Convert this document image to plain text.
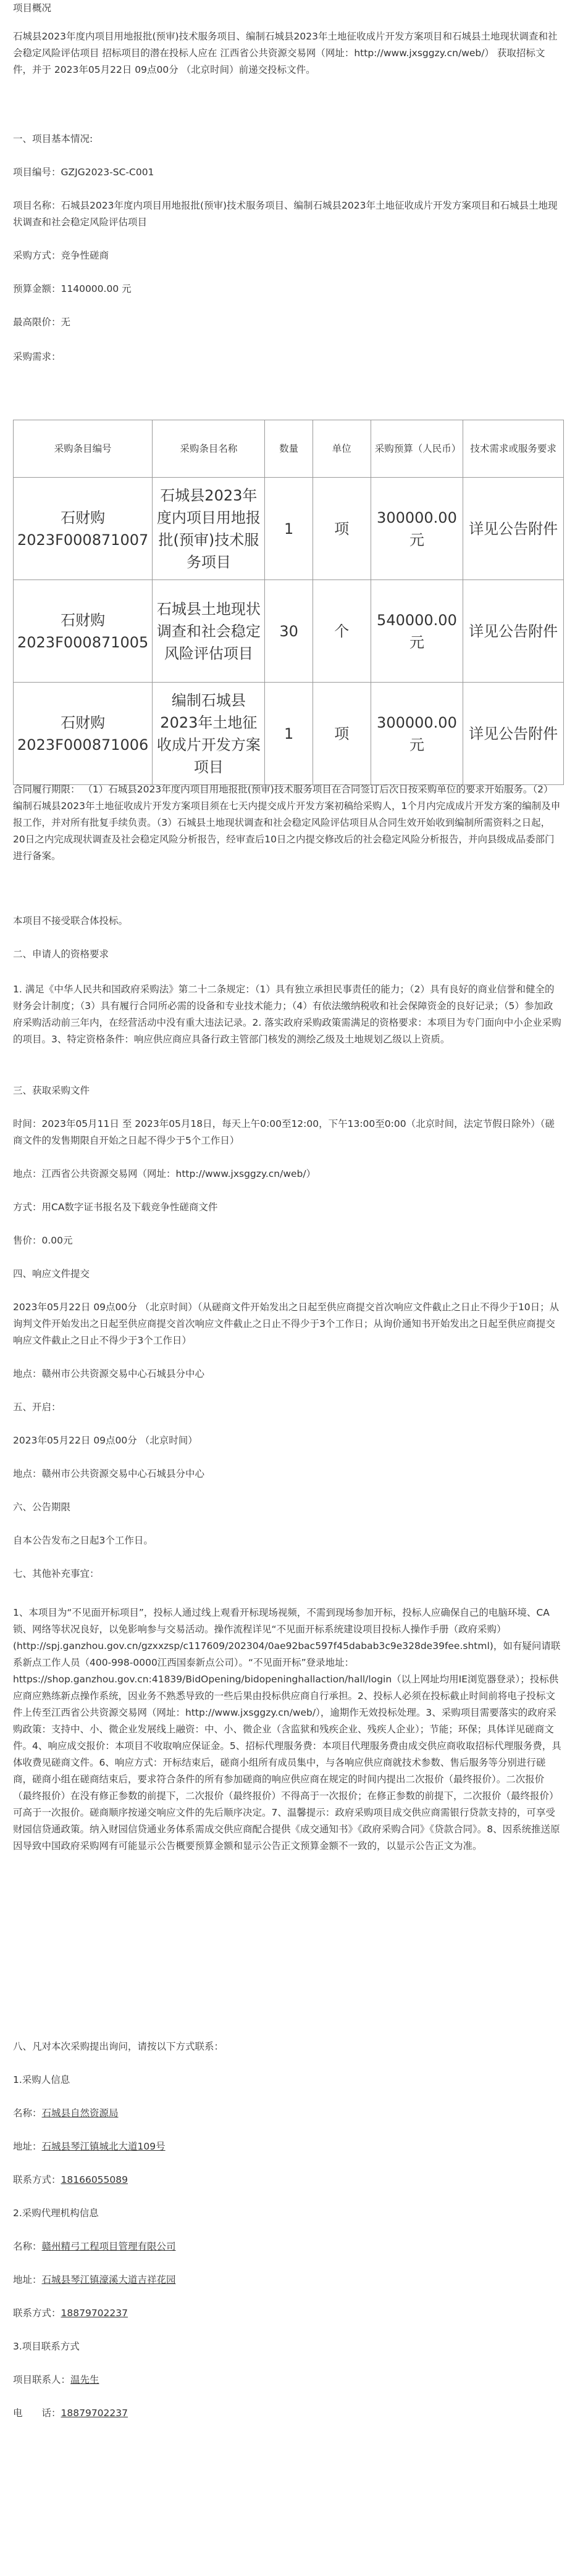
项目概况

石城县2023年度内项目用地报批(预审)技术服务项目、编制石城县2023年土地征收成片开发方案项目和石城县土地现状调查和社会稳定风险评估项目 招标项目的潜在投标人应在 江西省公共资源交易网（网址：http://www.jxsggzy.cn/web/） 获取招标文件，并于 2023年05月22日 09点00分 （北京时间）前递交投标文件。

一、项目基本情况:

项目编号：GZJG2023-SC-C001

项目名称：石城县2023年度内项目用地报批(预审)技术服务项目、编制石城县2023年土地征收成片开发方案项目和石城县土地现状调查和社会稳定风险评估项目

采购方式：竞争性磋商

预算金额：1140000.00 元

最高限价：无

采购需求：

采购条目编号	采购条目名称	数量	单位	采购预算（人民币）	技术需求或服务要求
石财购2023F000871007	石城县2023年度内项目用地报批(预审)技术服务项目	1	项	300000.00元	详见公告附件
石财购2023F000871005	石城县土地现状调查和社会稳定风险评估项目	30	个	540000.00元	详见公告附件
石财购2023F000871006	编制石城县2023年土地征收成片开发方案项目	1	项	300000.00元	详见公告附件

合同履行期限： （1）石城县2023年度内项目用地报批(预审)技术服务项目在合同签订后次日按采购单位的要求开始服务。（2）编制石城县2023年土地征收成片开发方案项目须在七天内提交成片开发方案初稿给采购人，1个月内完成成片开发方案的编制及申报工作，并对所有批复手续负责。（3）石城县土地现状调查和社会稳定风险评估项目从合同生效开始收到编制所需资料之日起，20日之内完成现状调查及社会稳定风险分析报告，经审查后10日之内提交修改后的社会稳定风险分析报告，并向县级成品委部门进行备案。

本项目不接受联合体投标。

二、申请人的资格要求

1. 满足《中华人民共和国政府采购法》第二十二条规定：（1）具有独立承担民事责任的能力；（2）具有良好的商业信誉和健全的财务会计制度；（3）具有履行合同所必需的设备和专业技术能力；（4）有依法缴纳税收和社会保障资金的良好记录；（5）参加政府采购活动前三年内，在经营活动中没有重大违法记录。2. 落实政府采购政策需满足的资格要求：本项目为专门面向中小企业采购的项目。3、特定资格条件：响应供应商应具备行政主管部门核发的测绘乙级及土地规划乙级以上资质。

三、获取采购文件

时间：2023年05月11日 至 2023年05月18日，每天上午0:00至12:00，下午13:00至0:00（北京时间，法定节假日除外）（磋商文件的发售期限自开始之日起不得少于5个工作日）

地点：江西省公共资源交易网（网址：http://www.jxsggzy.cn/web/）

方式：用CA数字证书报名及下载竞争性磋商文件

售价：0.00元

四、响应文件提交

2023年05月22日 09点00分 （北京时间）（从磋商文件开始发出之日起至供应商提交首次响应文件截止之日止不得少于10日；从询判文件开始发出之日起至供应商提交首次响应文件截止之日止不得少于3个工作日；从询价通知书开始发出之日起至供应商提交响应文件截止之日止不得少于3个工作日）

地点：赣州市公共资源交易中心石城县分中心

五、开启：

2023年05月22日 09点00分 （北京时间）

地点：赣州市公共资源交易中心石城县分中心

六、公告期限

自本公告发布之日起3个工作日。

七、其他补充事宜：

1、本项目为“不见面开标项目”，投标人通过线上观看开标现场视频，不需到现场参加开标，投标人应确保自己的电脑环境、CA锁、网络等状况良好，以免影响参与交易活动。操作流程详见“不见面开标系统建设项目投标人操作手册（政府采购）(http://spj.ganzhou.gov.cn/gzxxzsp/c117609/202304/0ae92bac597f45dabab3c9e328de39fee.shtml)，如有疑问请联系新点工作人员（400-998-0000江西国泰新点公司）。“不见面开标”登录地址：https://shop.ganzhou.gov.cn:41839/BidOpening/bidopeninghallaction/hall/login（以上网址均用IE浏览器登录）；投标供应商应熟练新点操作系统，因业务不熟悉导致的一些后果由投标供应商自行承担。2、投标人必须在投标截止时间前将电子投标文件上传至江西省公共资源交易网（网址：http://www.jxsggzy.cn/web/），逾期作无效投标处理。3、采购项目需要落实的政府采购政策：支持中、小、微企业发展线上融资：中、小、微企业（含监狱和残疾企业、残疾人企业）；节能；环保；具体详见磋商文件。4、响应成交报价：本项目不收取响应保证金。5、招标代理服务费：本项目代理服务费由成交供应商收取招标代理服务费，具体收费见磋商文件。6、响应方式：开标结束后，磋商小组所有成员集中，与各响应供应商就技术参数、售后服务等分别进行磋商，磋商小组在磋商结束后，要求符合条件的所有参加磋商的响应供应商在规定的时间内提出二次报价（最终报价）。二次报价（最终报价）在没有修正参数的前提下，二次报价（最终报价）不得高于一次报价；在修正参数的前提下，二次报价（最终报价）可高于一次报价。磋商顺序按递交响应文件的先后顺序决定。7、温馨提示：政府采购项目成交供应商需银行贷款支持的，可享受财园信贷通政策。纳入财园信贷通业务体系需成交供应商配合提供《成交通知书》《政府采购合同》《贷款合同》。8、因系统推送原因导致中国政府采购网有可能显示公告概要预算金额和显示公告正文预算金额不一致的，以显示公告正文为准。

八、凡对本次采购提出询问，请按以下方式联系：

1.采购人信息

名称：石城县自然资源局

地址：石城县琴江镇城北大道109号

联系方式：18166055089

2.采购代理机构信息

名称：赣州精弓工程项目管理有限公司

地址：石城县琴江镇濠溪大道吉祥花园

联系方式：18879702237

3.项目联系方式

项目联系人：温先生

电　　话：18879702237
